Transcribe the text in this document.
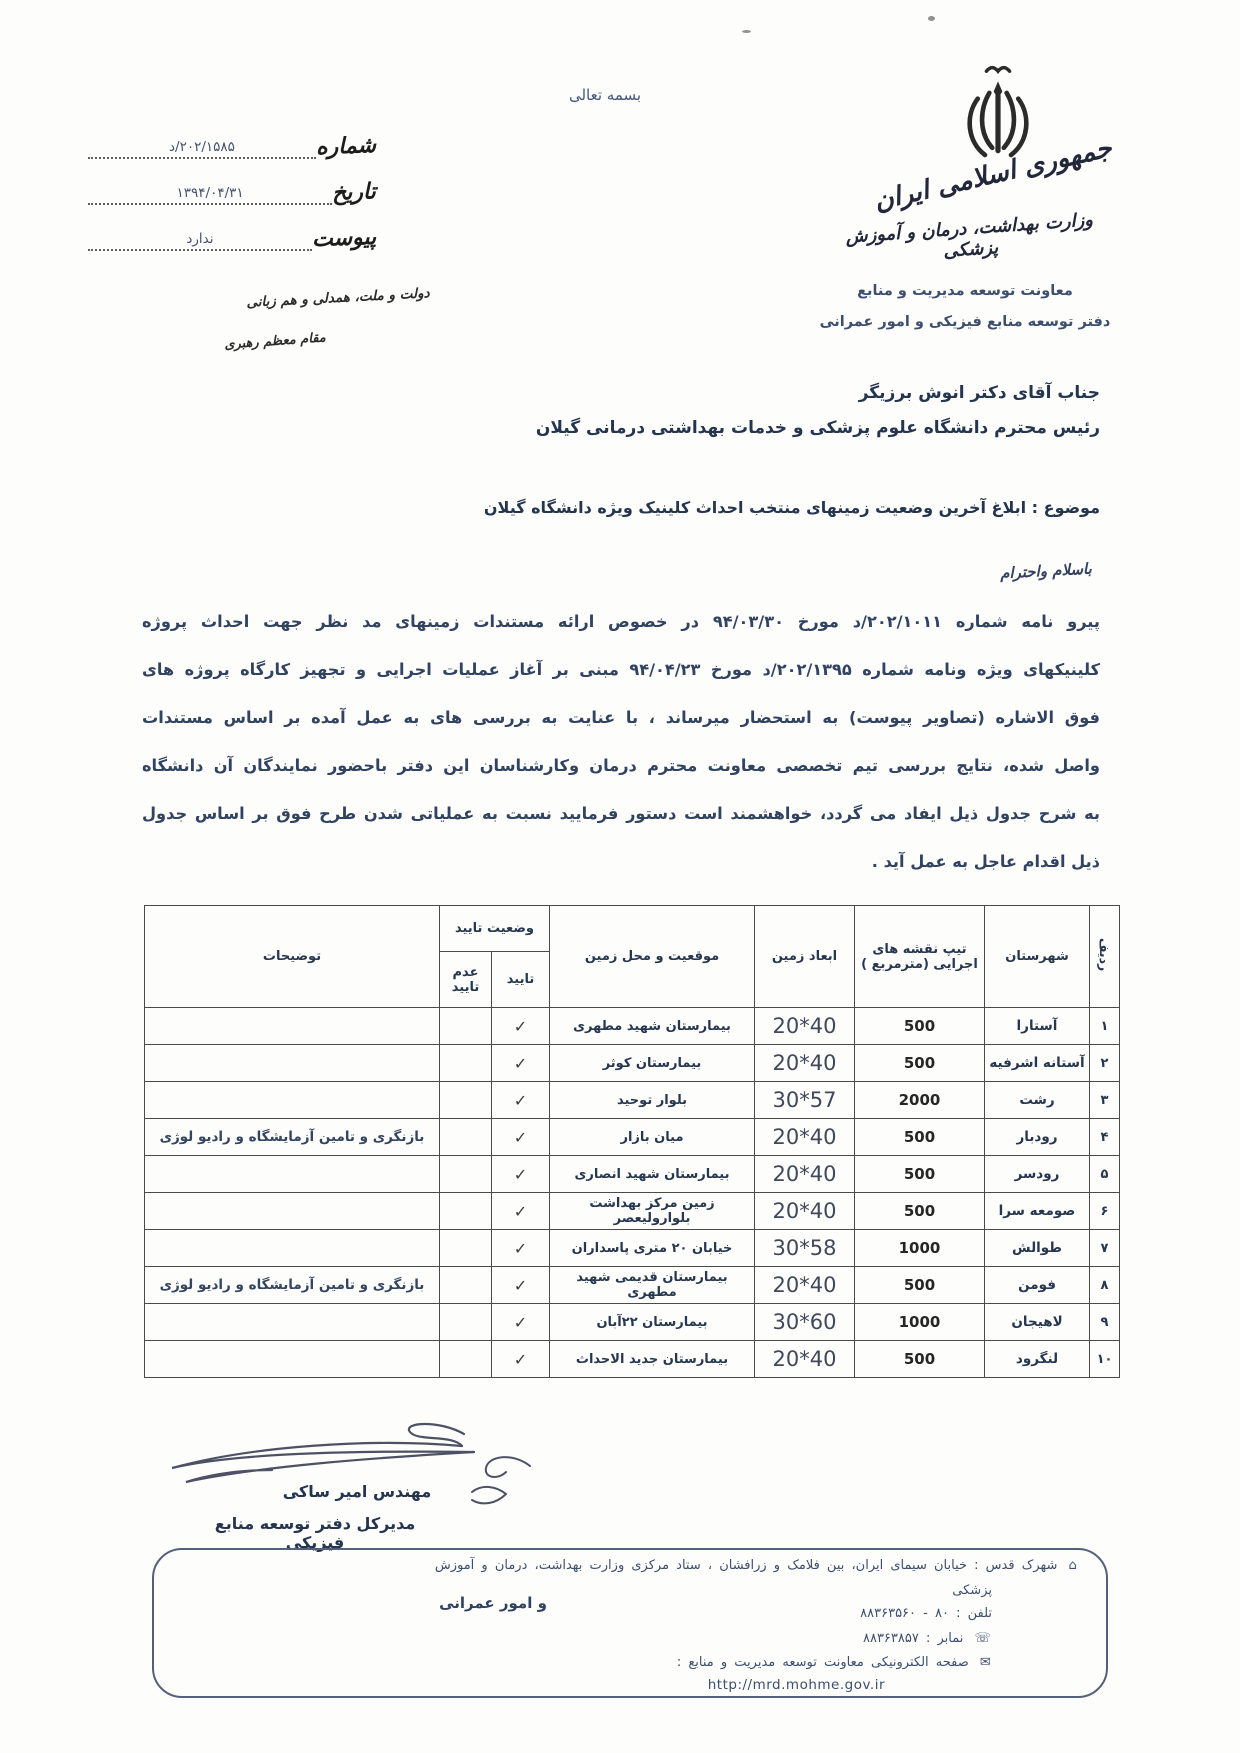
بسمه تعالی
جمهوری اسلامی ایران
وزارت بهداشت، درمان و آموزش پزشکی
معاونت توسعه مدیریت و منابع
دفتر توسعه منابع فیزیکی و امور عمرانی
شماره
۲۰۲/۱۵۸۵/د
تاریخ
۱۳۹۴/۰۴/۳۱
پیوست
ندارد
دولت و ملت، همدلی و هم زبانی
مقام معظم رهبری
جناب آقای دکتر انوش برزیگر
رئیس محترم دانشگاه علوم پزشکی و خدمات بهداشتی درمانی گیلان
موضوع : ابلاغ آخرین وضعیت زمینهای منتخب احداث کلینیک ویژه دانشگاه گیلان
باسلام واحترام
پیرو نامه شماره ۲۰۲/۱۰۱۱/د مورخ ۹۴/۰۳/۳۰ در خصوص ارائه مستندات زمینهای مد نظر جهت احداث پروژه
کلینیکهای ویژه ونامه شماره ۲۰۲/۱۳۹۵/د مورخ ۹۴/۰۴/۲۳ مبنی بر آغاز عملیات اجرایی و تجهیز کارگاه پروژه های
فوق الاشاره (تصاویر پیوست) به استحضار میرساند ، با عنایت به بررسی های به عمل آمده بر اساس مستندات
واصل شده، نتایج بررسی تیم تخصصی معاونت محترم درمان وکارشناسان این دفتر باحضور نمایندگان آن دانشگاه
به شرح جدول ذیل ایفاد می گردد، خواهشمند است دستور فرمایید نسبت به عملیاتی شدن طرح فوق بر اساس جدول
ذیل اقدام عاجل به عمل آید .
ردیف	شهرستان	تیپ نقشه های
اجرایی (مترمربع )	ابعاد زمین	موقعیت و محل زمین	وضعیت تایید		توضیحات
					تایید	عدم تایید	
۱	آستارا	500	20*40	بیمارستان شهید مطهری	✓		
۲	آستانه اشرفیه	500	20*40	بیمارستان کوثر	✓		
۳	رشت	2000	30*57	بلوار توحید	✓		
۴	رودبار	500	20*40	میان بازار	✓		بازنگری و تامین آزمایشگاه و رادیو لوژی
۵	رودسر	500	20*40	بیمارستان شهید انصاری	✓		
۶	صومعه سرا	500	20*40	زمین مرکز بهداشت بلوارولیعصر	✓		
۷	طوالش	1000	30*58	خیابان ۲۰ متری پاسداران	✓		
۸	فومن	500	20*40	بیمارستان قدیمی شهید مطهری	✓		بازنگری و تامین آزمایشگاه و رادیو لوژی
۹	لاهیجان	1000	30*60	بیمارستان ۲۲آبان	✓		
۱۰	لنگرود	500	20*40	بیمارستان جدید الاحداث	✓		
مهندس امیر ساکی
مدیرکل دفتر توسعه منابع فیزیکی
و امور عمرانی
⌂ شهرک قدس : خیابان سیمای ایران، بین فلامک و زرافشان ، ستاد مرکزی وزارت بهداشت، درمان و آموزش
پزشکی
تلفن : ۸۰ - ۸۸۳۶۳۵۶۰
☏ نمابر : ۸۸۳۶۳۸۵۷
✉ صفحه الکترونیکی معاونت توسعه مدیریت و منابع :
http://mrd.mohme.gov.ir
